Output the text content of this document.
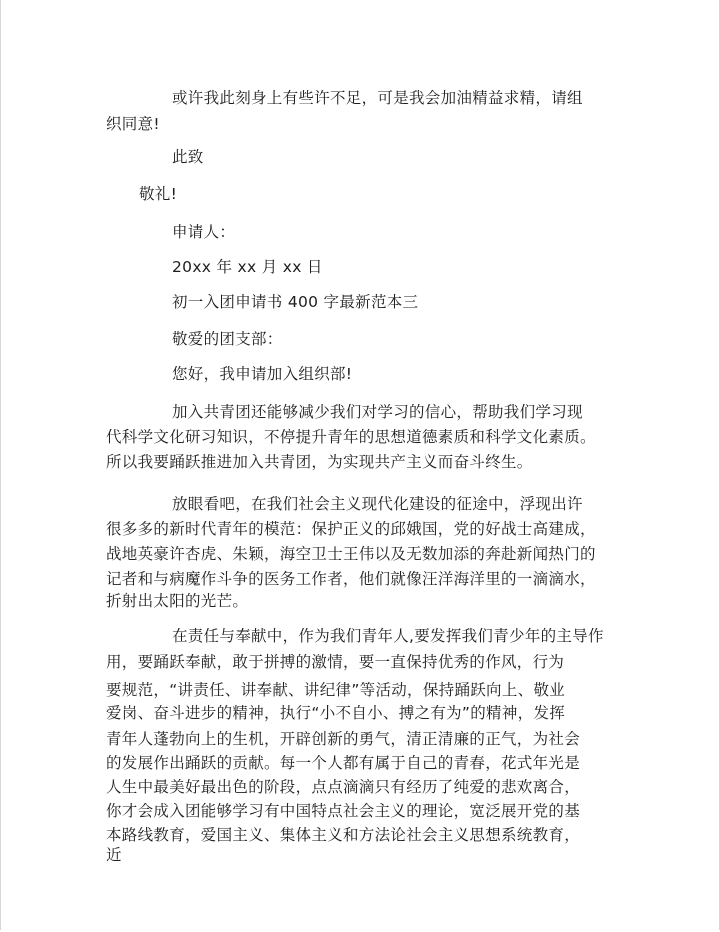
或许我此刻身上有些许不足，可是我会加油精益求精，请组
织同意!
此致
敬礼!
申请人：
20xx 年 xx 月 xx 日
初一入团申请书 400 字最新范本三
敬爱的团支部：
您好，我申请加入组织部!
加入共青团还能够减少我们对学习的信心，帮助我们学习现
代科学文化研习知识，不停提升青年的思想道德素质和科学文化素质。
所以我要踊跃推进加入共青团，为实现共产主义而奋斗终生。
放眼看吧，在我们社会主义现代化建设的征途中，浮现出许
很多多的新时代青年的模范：保护正义的邱娥国，党的好战士高建成，
战地英豪许杏虎、朱颖，海空卫士王伟以及无数加添的奔赴新闻热门的
记者和与病魔作斗争的医务工作者，他们就像汪洋海洋里的一滴滴水，
折射出太阳的光芒。
在责任与奉献中，作为我们青年人,要发挥我们青少年的主导作
用，要踊跃奉献，敢于拼搏的激情，要一直保持优秀的作风，行为
要规范，“讲责任、讲奉献、讲纪律”等活动，保持踊跃向上、敬业
爱岗、奋斗进步的精神，执行“小不自小、搏之有为”的精神，发挥
青年人蓬勃向上的生机，开辟创新的勇气，清正清廉的正气，为社会
的发展作出踊跃的贡献。每一个人都有属于自己的青春，花式年光是
人生中最美好最出色的阶段，点点滴滴只有经历了纯爱的悲欢离合，
你才会成入团能够学习有中国特点社会主义的理论，宽泛展开党的基
本路线教育，爱国主义、集体主义和方法论社会主义思想系统教育，
近
